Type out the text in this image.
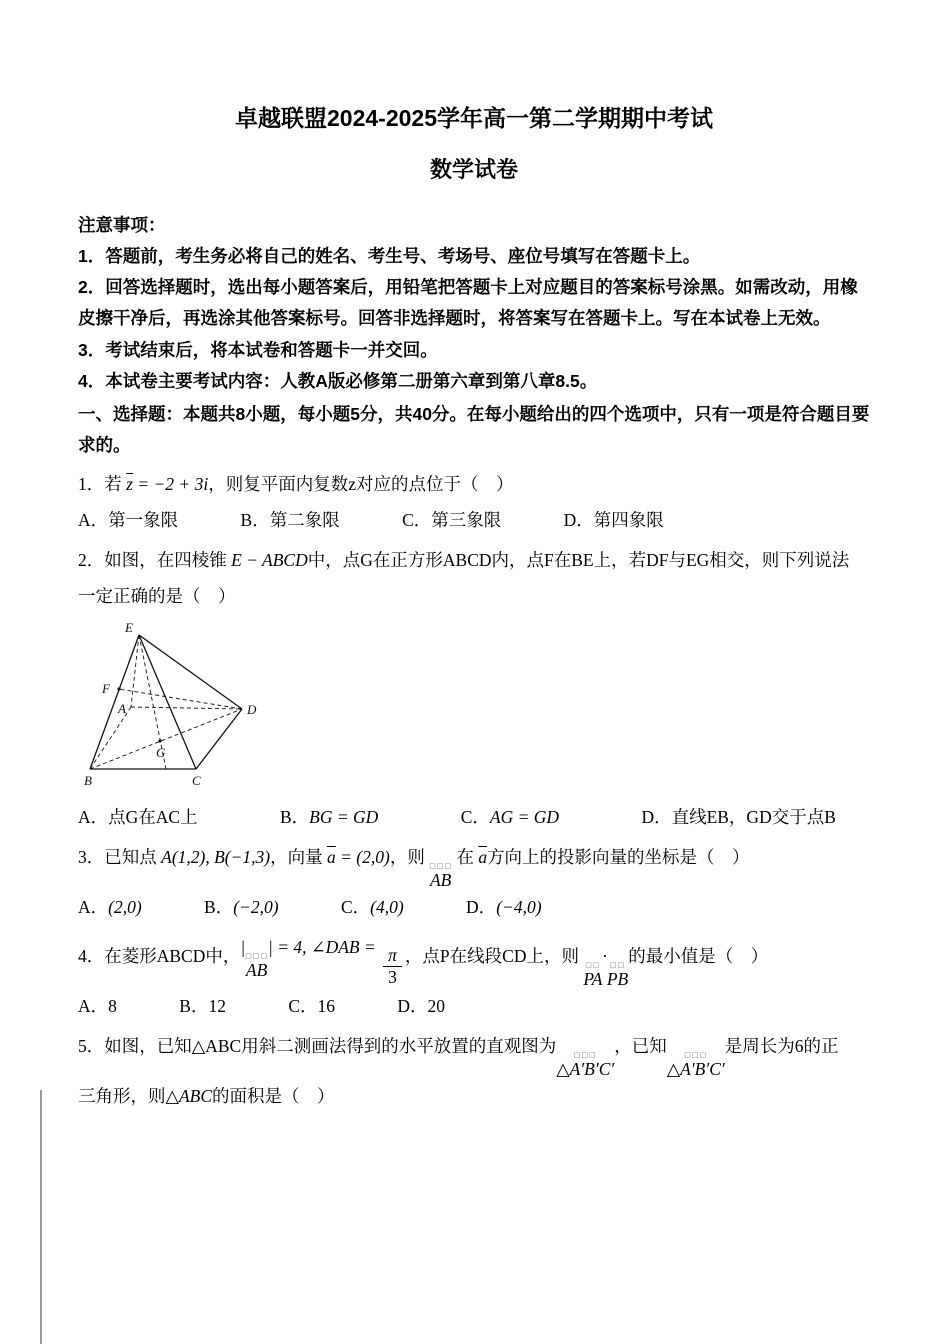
卓越联盟2024-2025学年高一第二学期期中考试
数学试卷

注意事项：

1．答题前，考生务必将自己的姓名、考生号、考场号、座位号填写在答题卡上。

2．回答选择题时，选出每小题答案后，用铅笔把答题卡上对应题目的答案标号涂黑。如需改动，用橡皮擦干净后，再选涂其他答案标号。回答非选择题时，将答案写在答题卡上。写在本试卷上无效。

3．考试结束后，将本试卷和答题卡一并交回。

4．本试卷主要考试内容：人教A版必修第二册第六章到第八章8.5。

一、选择题：本题共8小题，每小题5分，共40分。在每小题给出的四个选项中，只有一项是符合题目要求的。

1．若 $\overline{z} = -2 + 3i$，则复平面内复数z对应的点位于（　）

A．第一象限	B．第二象限	C．第三象限	D．第四象限

2．如图，在四棱锥 E − ABCD中，点G在正方形ABCD内，点F在BE上，若DF与EG相交，则下列说法

一定正确的是（　）

E
F
A	D
G
B	C

A．点G在AC上	B．BG = GD	C．AG = GD	D．直线EB，GD交于点B

3．已知点 A(1,2), B(−1,3)，向量 $\overline{a} = (2,0)$，则 □□□
AB
在 $\overline{a}$方向上的投影向量的坐标是（　）

A．(2,0)	B．(−2,0)	C．(4,0)	D．(−4,0)

4．在菱形ABCD中，| □□□
AB
| = 4, ∠DAB = $\frac{\pi}{3}$ ，点P在线段CD上，则 □□
PA
· □□
PB
的最小值是（　）

A．8	B．12	C．16	D．20

5．如图，已知△ABC用斜二测画法得到的水平放置的直观图为	□□□
△A′B′C′
，已知	□□□
△A′B′C′
是周长为6的正

三角形，则△ABC的面积是（　）
